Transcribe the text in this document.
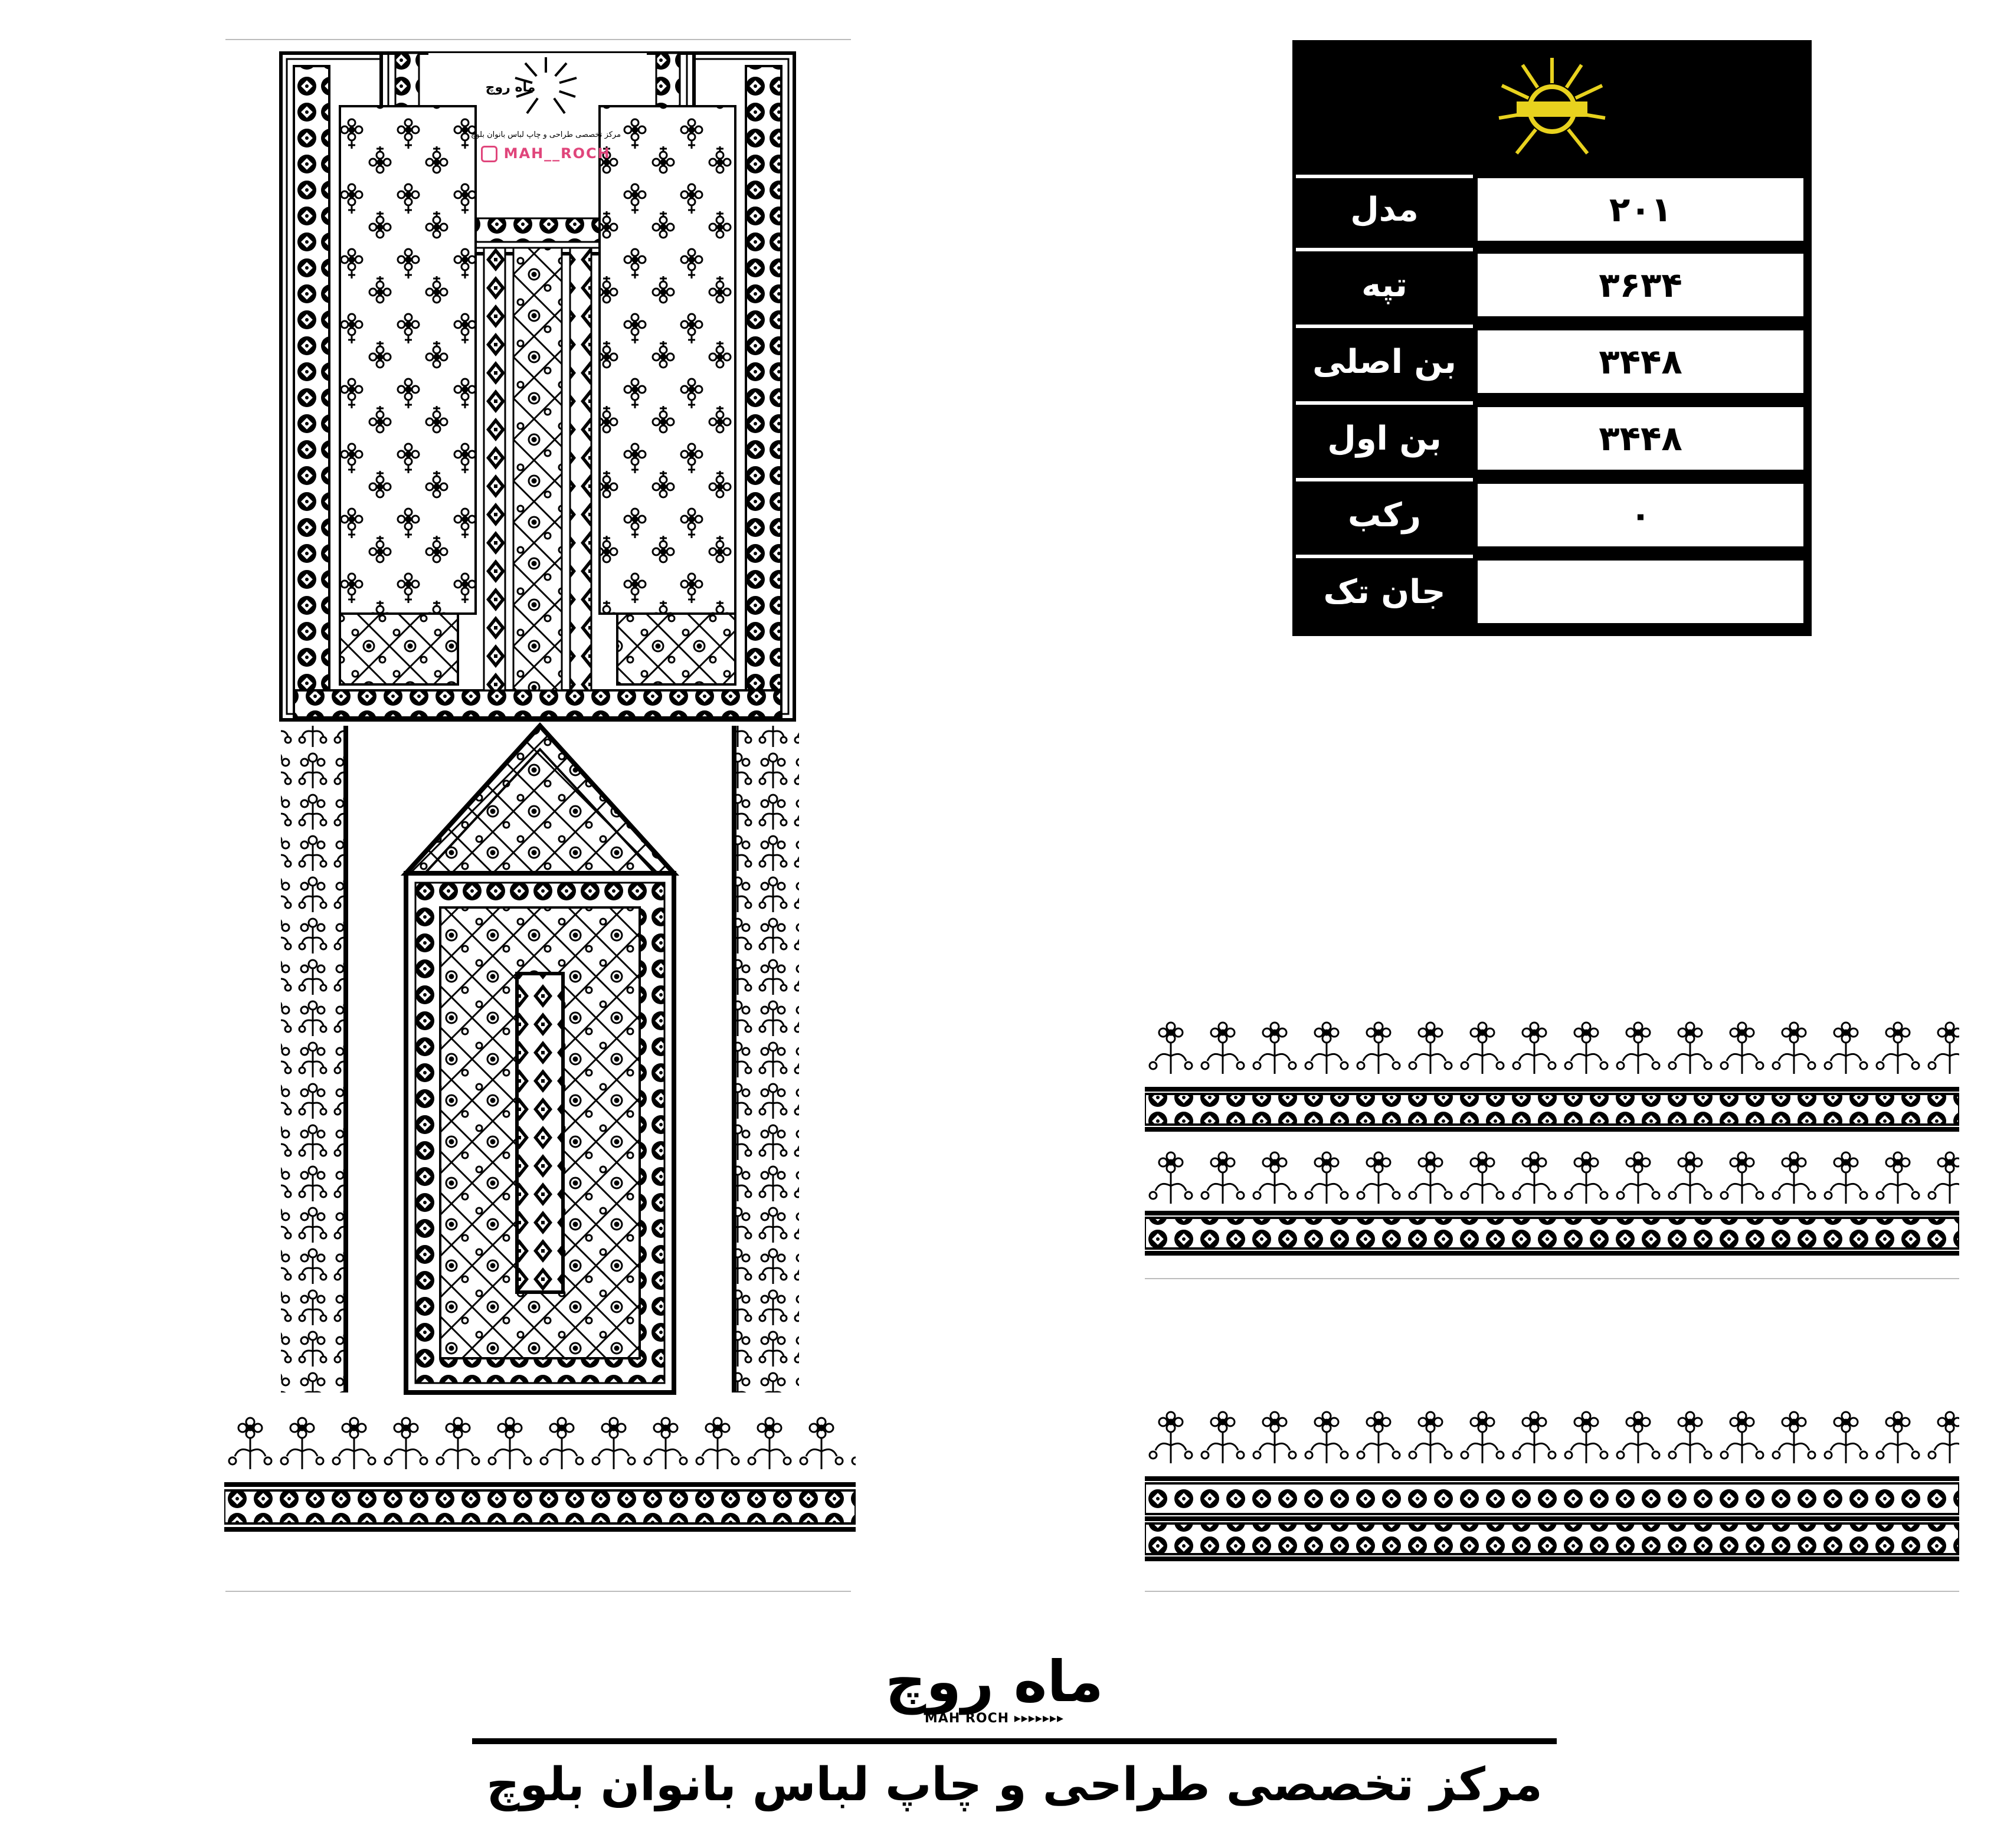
ماه روچ
مرکز تخصصی طراحی و چاپ لباس بانوان بلوچ
MAH__ROCH
مدل	۲۰۱
تپه	۳۶۳۴
بن اصلی	۳۴۴۸
بن اول	۳۴۴۸
رکب	۰
جان تک
ماه روچ
MAH ROCH ▸▸▸▸▸▸▸
مرکز تخصصی طراحی و چاپ لباس بانوان بلوچ
